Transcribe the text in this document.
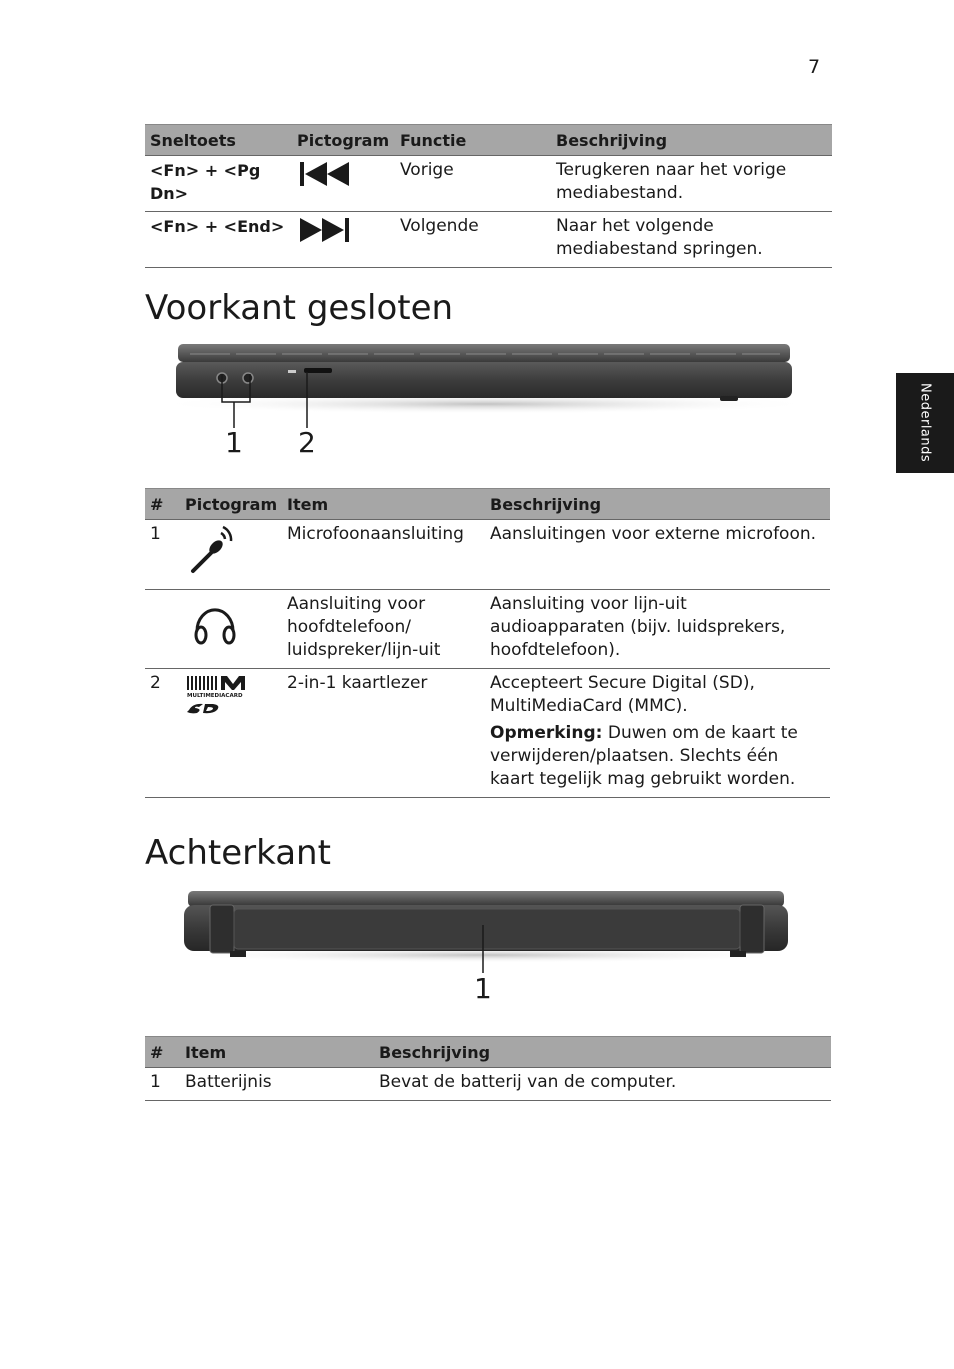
7
Nederlands
Sneltoets	Pictogram	Functie	Beschrijving
<Fn> + <Pg Dn>		Vorige	Terugkeren naar het vorige mediabestand.
<Fn> + <End>		Volgende	Naar het volgende mediabestand springen.
Voorkant gesloten
1 2
#	Pictogram	Item	Beschrijving
1		Microfoonaansluiting	Aansluitingen voor externe microfoon.
		Aansluiting voor hoofdtelefoon/ luidspreker/lijn-uit	Aansluiting voor lijn-uit audioapparaten (bijv. luidsprekers, hoofdtelefoon).
2	MULTIMEDIACARD	2-in-1 kaartlezer	Accepteert Secure Digital (SD), MultiMediaCard (MMC).

Opmerking: Duwen om de kaart te verwijderen/plaatsen. Slechts één kaart tegelijk mag gebruikt worden.

Achterkant
1
#	Item	Beschrijving
1	Batterijnis	Bevat de batterij van de computer.
